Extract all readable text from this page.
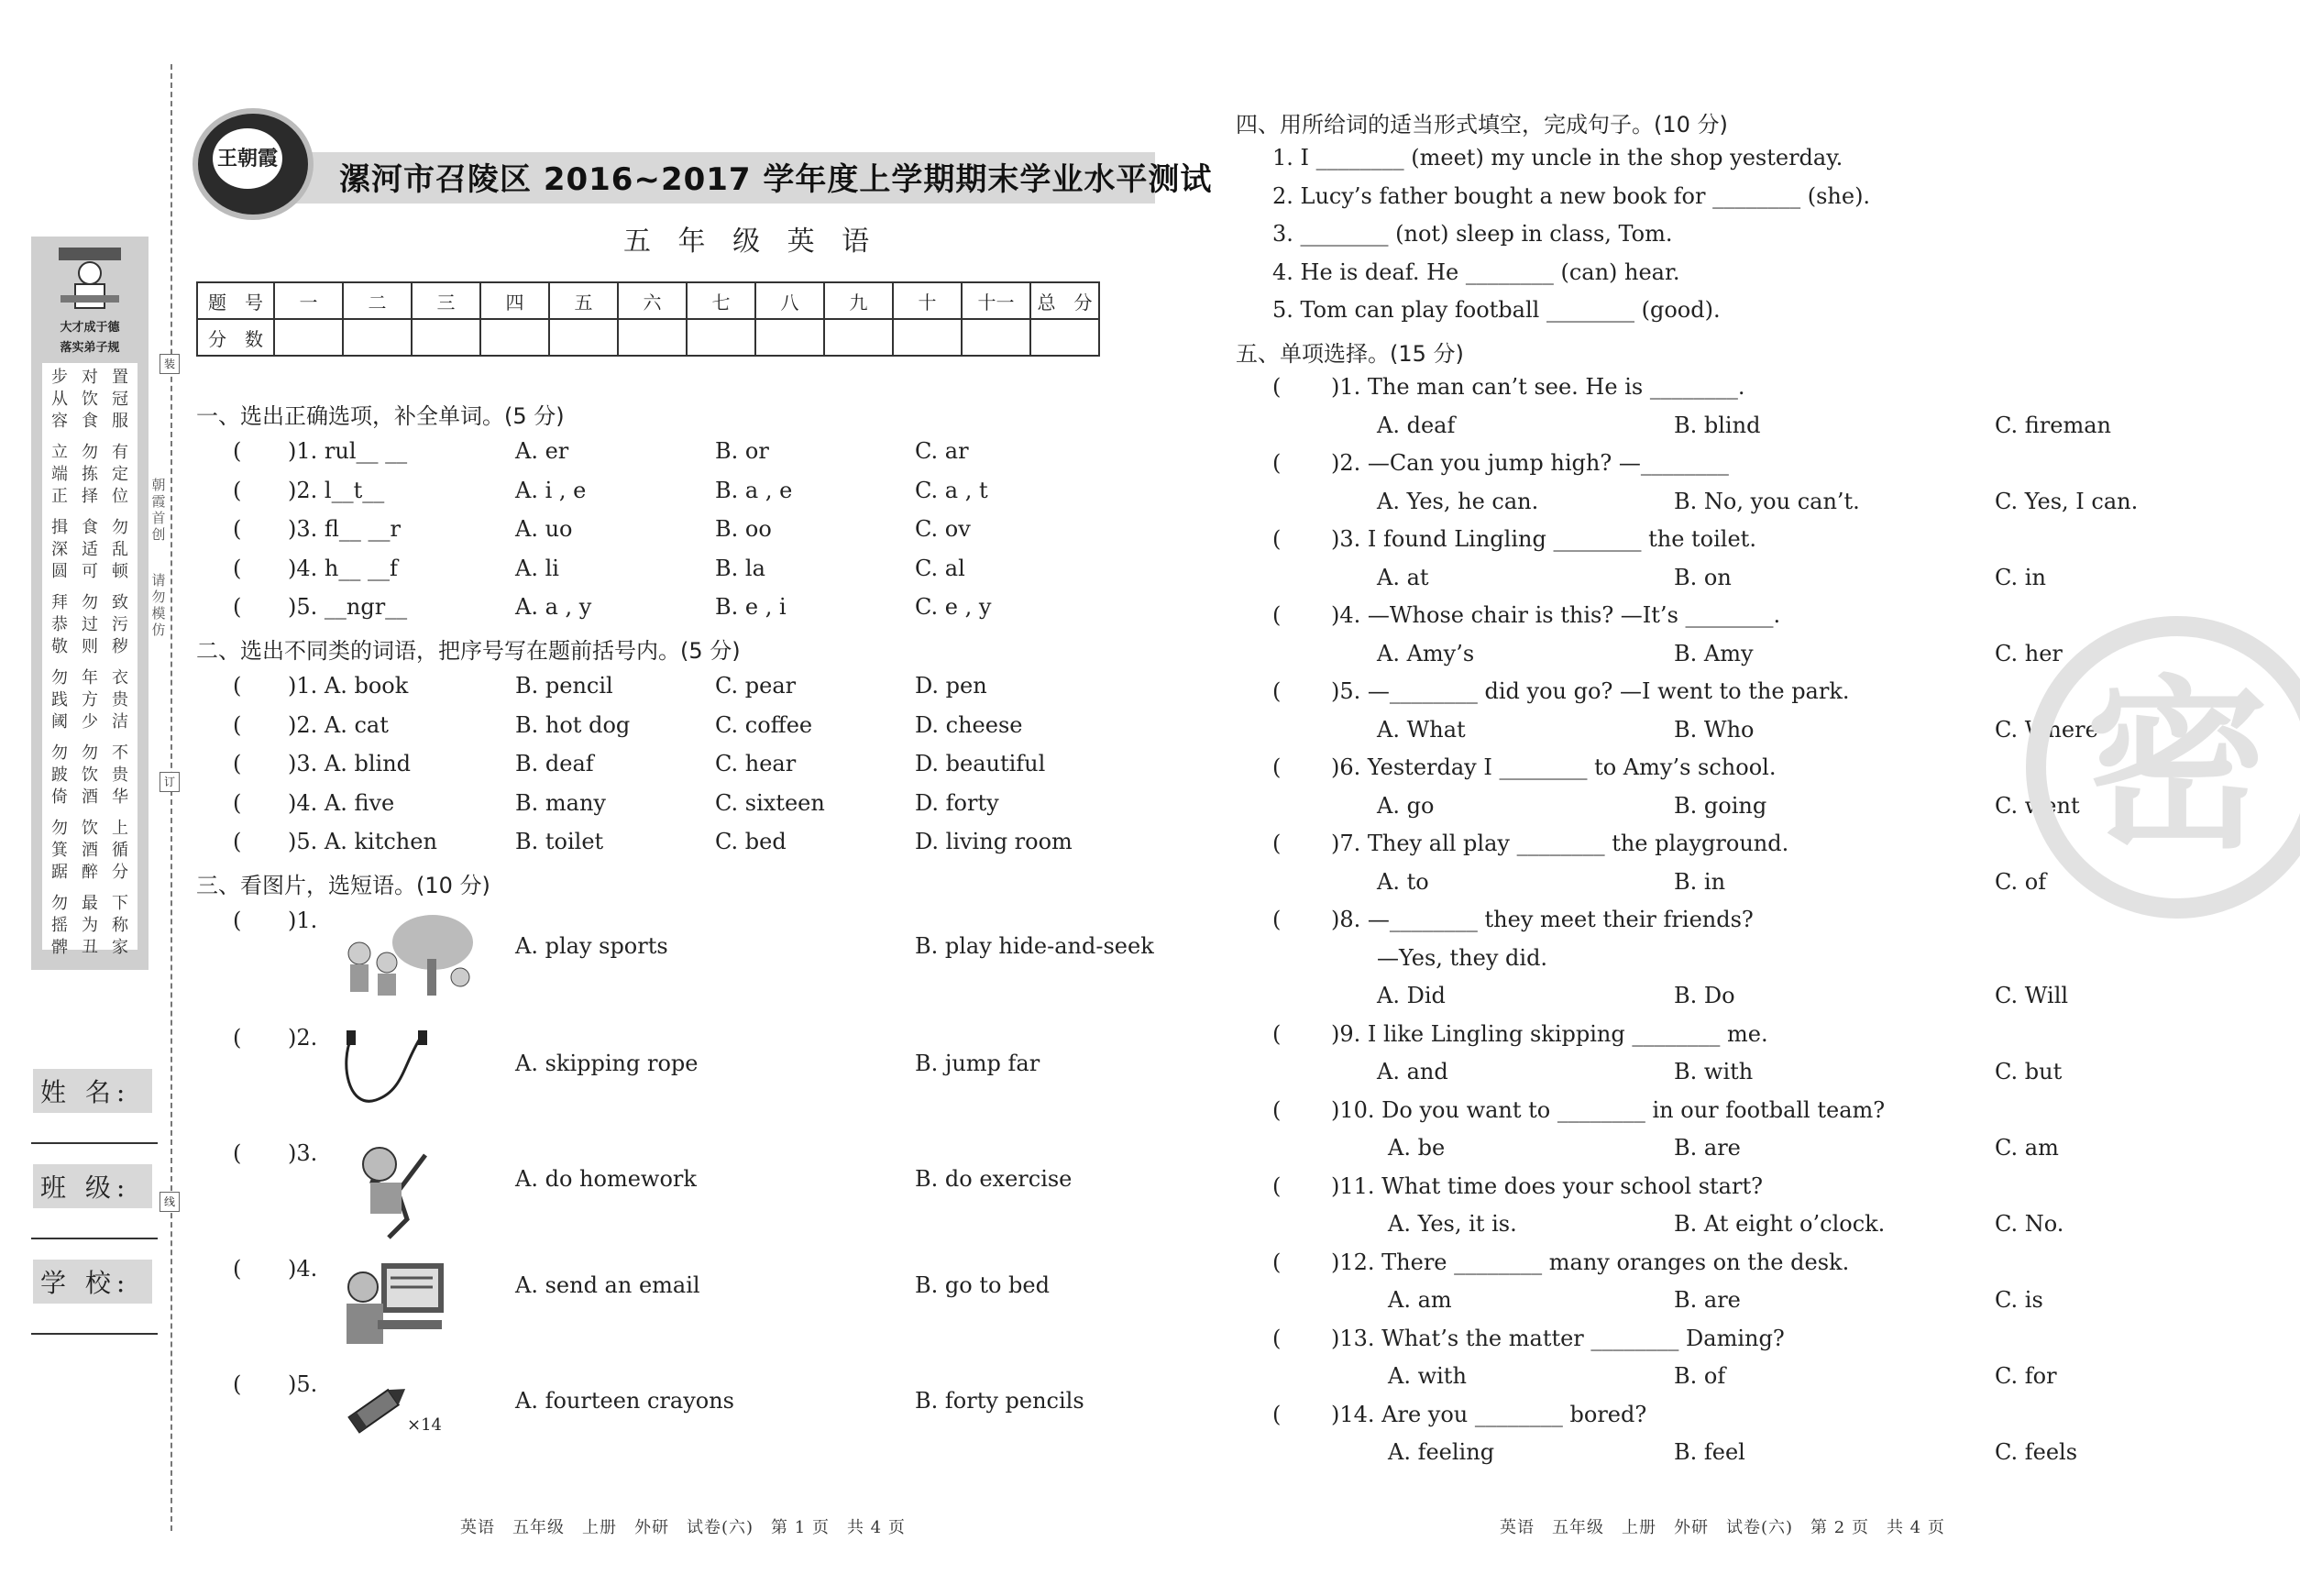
大才成于德
落实弟子规
步
从
容
立
端
正
揖
深
圆
拜
恭
敬
勿
践
阈
勿
跛
倚
勿
箕
踞
勿
摇
髀
对
饮
食
勿
拣
择
食
适
可
勿
过
则
年
方
少
勿
饮
酒
饮
酒
醉
最
为
丑
置
冠
服
有
定
位
勿
乱
顿
致
污
秽
衣
贵
洁
不
贵
华
上
循
分
下
称
家
装
朝
霞
首
创
请
勿
模
仿
订
线
姓 名:
班 级:
学 校:
王朝霞
漯河市召陵区 2016~2017 学年度上学期期末学业水平测试
五 年 级 英 语
题　号	一	二	三	四	五	六	七	八	九	十	十一	总　分
分　数												
一、选出正确选项，补全单词。(5 分)
( )1. rul__ __	A. er	B. or	C. ar
( )2. l__t__	A. i , e	B. a , e	C. a , t
( )3. fl__ __r	A. uo	B. oo	C. ov
( )4. h__ __f	A. li	B. la	C. al
( )5. __ngr__	A. a , y	B. e , i	C. e , y
二、选出不同类的词语，把序号写在题前括号内。(5 分)
( )1. A. book	B. pencil	C. pear	D. pen
( )2. A. cat	B. hot dog	C. coffee	D. cheese
( )3. A. blind	B. deaf	C. hear	D. beautiful
( )4. A. five	B. many	C. sixteen	D. forty
( )5. A. kitchen	B. toilet	C. bed	D. living room
三、看图片，选短语。(10 分)
( )1.
A. play sports	B. play hide-and-seek
( )2.
A. skipping rope	B. jump far
( )3.
A. do homework	B. do exercise
( )4.
A. send an email	B. go to bed
( )5.
A. fourteen crayons	B. forty pencils
×14
四、用所给词的适当形式填空，完成句子。(10 分)
1. I ________ (meet) my uncle in the shop yesterday.
2. Lucy’s father bought a new book for ________ (she).
3. ________ (not) sleep in class, Tom.
4. He is deaf. He ________ (can) hear.
5. Tom can play football ________ (good).
五、单项选择。(15 分)
( )1. The man can’t see. He is ________.
A. deaf	B. blind	C. fireman
( )2. —Can you jump high? —________
A. Yes, he can.	B. No, you can’t.	C. Yes, I can.
( )3. I found Lingling ________ the toilet.
A. at	B. on	C. in
( )4. —Whose chair is this? —It’s ________.
A. Amy’s	B. Amy	C. her
( )5. —________ did you go? —I went to the park.
A. What	B. Who	C. Where
( )6. Yesterday I ________ to Amy’s school.
A. go	B. going	C. went
( )7. They all play ________ the playground.
A. to	B. in	C. of
( )8. —________ they meet their friends?
—Yes, they did.
A. Did	B. Do	C. Will
( )9. I like Lingling skipping ________ me.
A. and	B. with	C. but
( )10. Do you want to ________ in our football team?
A. be	B. are	C. am
( )11. What time does your school start?
A. Yes, it is.	B. At eight o’clock.	C. No.
( )12. There ________ many oranges on the desk.
A. am	B. are	C. is
( )13. What’s the matter ________ Daming?
A. with	B. of	C. for
( )14. Are you ________ bored?
A. feeling	B. feel	C. feels
密
英语　五年级　上册　外研　试卷(六)　第 1 页　共 4 页	英语　五年级　上册　外研　试卷(六)　第 2 页　共 4 页
